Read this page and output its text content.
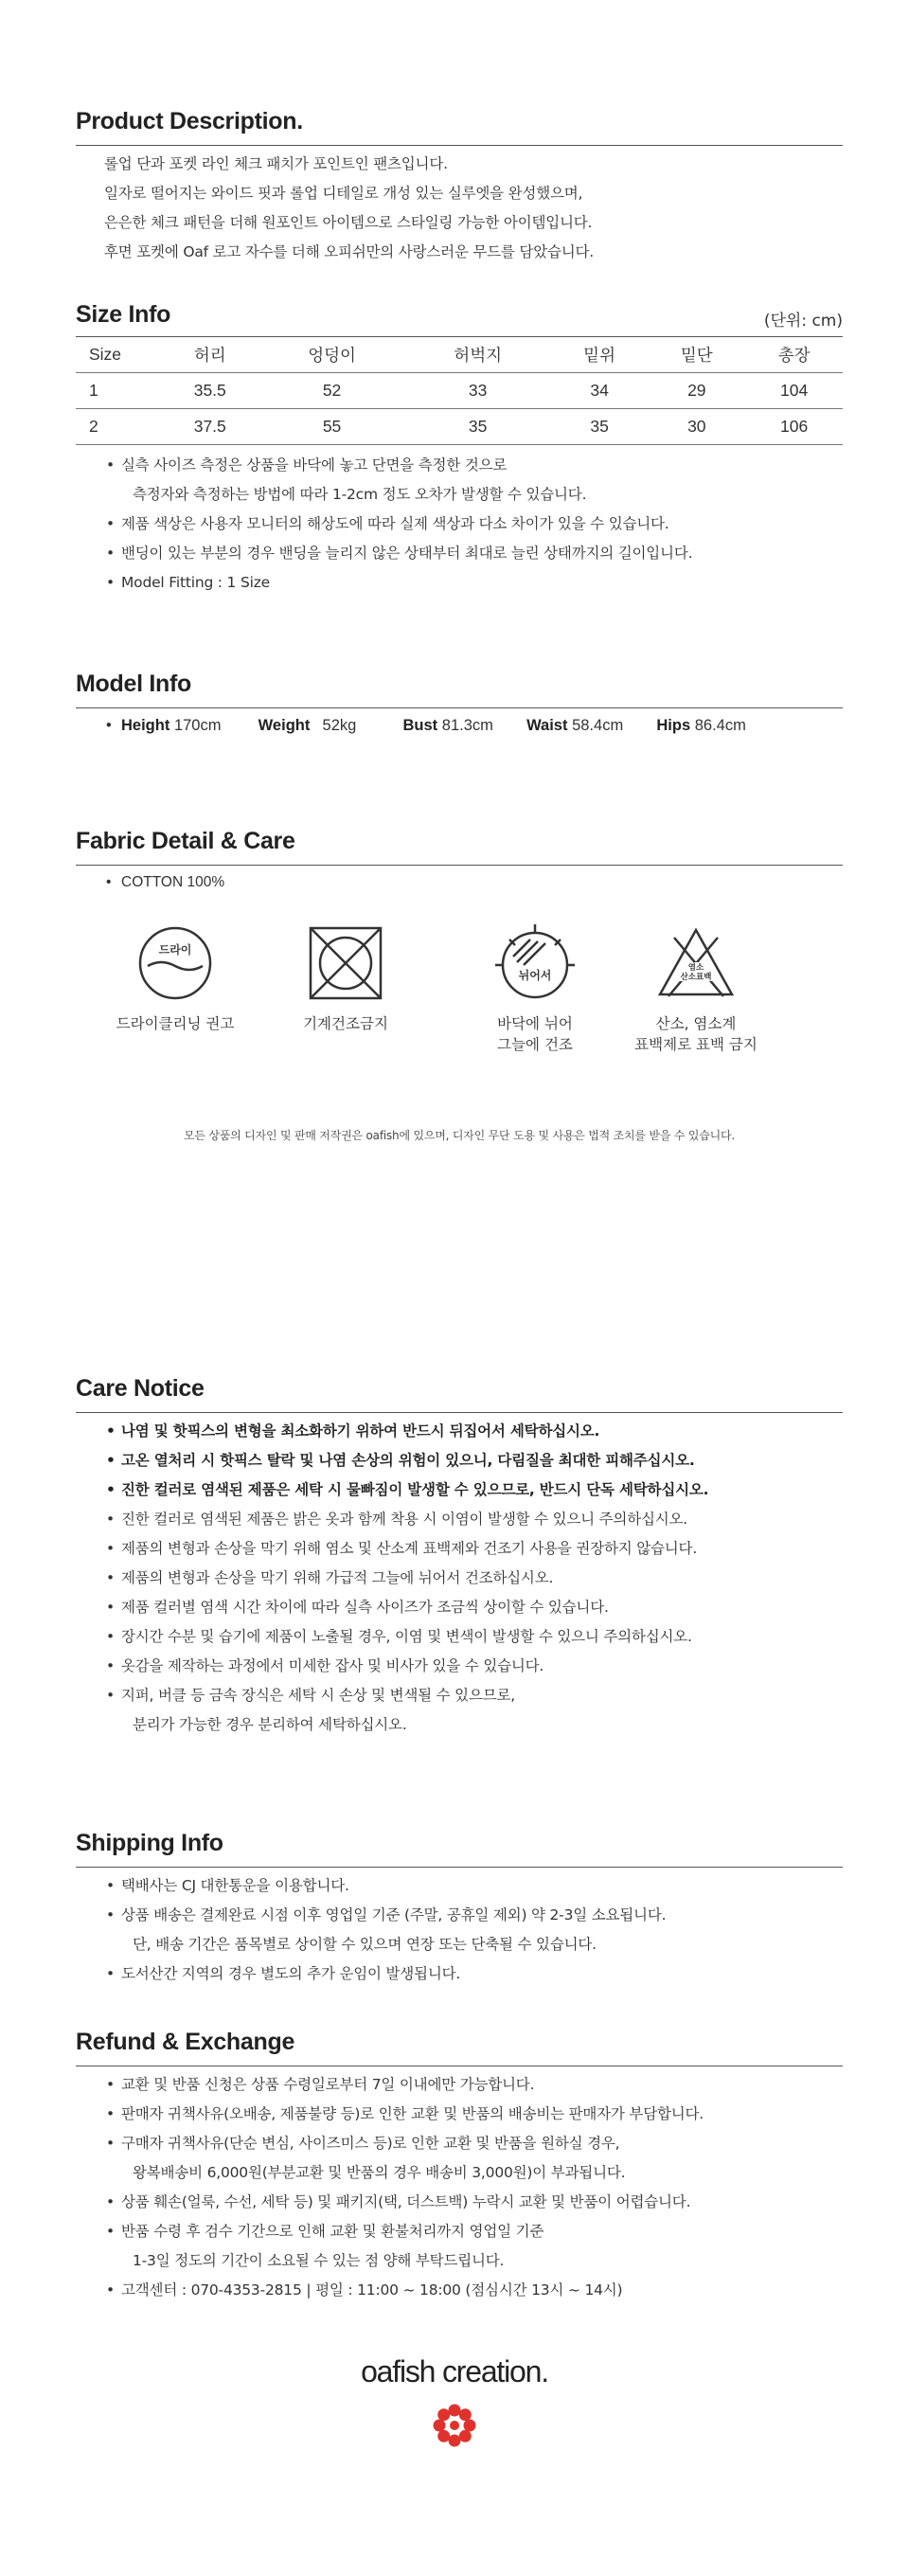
Product Description.
롤업 단과 포켓 라인 체크 패치가 포인트인 팬츠입니다.
일자로 떨어지는 와이드 핏과 롤업 디테일로 개성 있는 실루엣을 완성했으며,
은은한 체크 패턴을 더해 원포인트 아이템으로 스타일링 가능한 아이템입니다.
후면 포켓에 Oaf 로고 자수를 더해 오피쉬만의 사랑스러운 무드를 담았습니다.
Size Info	(단위: cm)
Size	허리	엉덩이	허벅지	밑위	밑단	총장
1	35.5	52	33	34	29	104
2	37.5	55	35	35	30	106
• 실측 사이즈 측정은 상품을 바닥에 놓고 단면을 측정한 것으로
측정자와 측정하는 방법에 따라 1-2cm 정도 오차가 발생할 수 있습니다.
• 제품 색상은 사용자 모니터의 해상도에 따라 실제 색상과 다소 차이가 있을 수 있습니다.
• 밴딩이 있는 부분의 경우 밴딩을 늘리지 않은 상태부터 최대로 늘린 상태까지의 길이입니다.
• Model Fitting : 1 Size
Model Info
• Height 170cm Weight 52kg	Bust 81.3cm Waist 58.4cm Hips 86.4cm
Fabric Detail & Care
• COTTON 100%
드라이
드라이클리닝 권고	기계건조금지
뉘어서
바닥에 뉘어
그늘에 건조
염소
산소표백
산소, 염소계
표백제로 표백 금지
모든 상품의 디자인 및 판매 저작권은 oafish에 있으며, 디자인 무단 도용 및 사용은 법적 조치를 받을 수 있습니다.
Care Notice
• 나염 및 핫픽스의 변형을 최소화하기 위하여 반드시 뒤집어서 세탁하십시오.
• 고온 열처리 시 핫픽스 탈락 및 나염 손상의 위험이 있으니, 다림질을 최대한 피해주십시오.
• 진한 컬러로 염색된 제품은 세탁 시 물빠짐이 발생할 수 있으므로, 반드시 단독 세탁하십시오.
• 진한 컬러로 염색된 제품은 밝은 옷과 함께 착용 시 이염이 발생할 수 있으니 주의하십시오.
• 제품의 변형과 손상을 막기 위해 염소 및 산소계 표백제와 건조기 사용을 권장하지 않습니다.
• 제품의 변형과 손상을 막기 위해 가급적 그늘에 뉘어서 건조하십시오.
• 제품 컬러별 염색 시간 차이에 따라 실측 사이즈가 조금씩 상이할 수 있습니다.
• 장시간 수분 및 습기에 제품이 노출될 경우, 이염 및 변색이 발생할 수 있으니 주의하십시오.
• 옷감을 제작하는 과정에서 미세한 잡사 및 비사가 있을 수 있습니다.
• 지퍼, 버클 등 금속 장식은 세탁 시 손상 및 변색될 수 있으므로,
분리가 가능한 경우 분리하여 세탁하십시오.
Shipping Info
• 택배사는 CJ 대한통운을 이용합니다.
• 상품 배송은 결제완료 시점 이후 영업일 기준 (주말, 공휴일 제외) 약 2-3일 소요됩니다.
단, 배송 기간은 품목별로 상이할 수 있으며 연장 또는 단축될 수 있습니다.
• 도서산간 지역의 경우 별도의 추가 운임이 발생됩니다.
Refund & Exchange
• 교환 및 반품 신청은 상품 수령일로부터 7일 이내에만 가능합니다.
• 판매자 귀책사유(오배송, 제품불량 등)로 인한 교환 및 반품의 배송비는 판매자가 부담합니다.
• 구매자 귀책사유(단순 변심, 사이즈미스 등)로 인한 교환 및 반품을 원하실 경우,
왕복배송비 6,000원(부분교환 및 반품의 경우 배송비 3,000원)이 부과됩니다.
• 상품 훼손(얼룩, 수선, 세탁 등) 및 패키지(택, 더스트백) 누락시 교환 및 반품이 어렵습니다.
• 반품 수령 후 검수 기간으로 인해 교환 및 환불처리까지 영업일 기준
1-3일 정도의 기간이 소요될 수 있는 점 양해 부탁드립니다.
• 고객센터 : 070-4353-2815 | 평일 : 11:00 ~ 18:00 (점심시간 13시 ~ 14시)
oafish creation.
